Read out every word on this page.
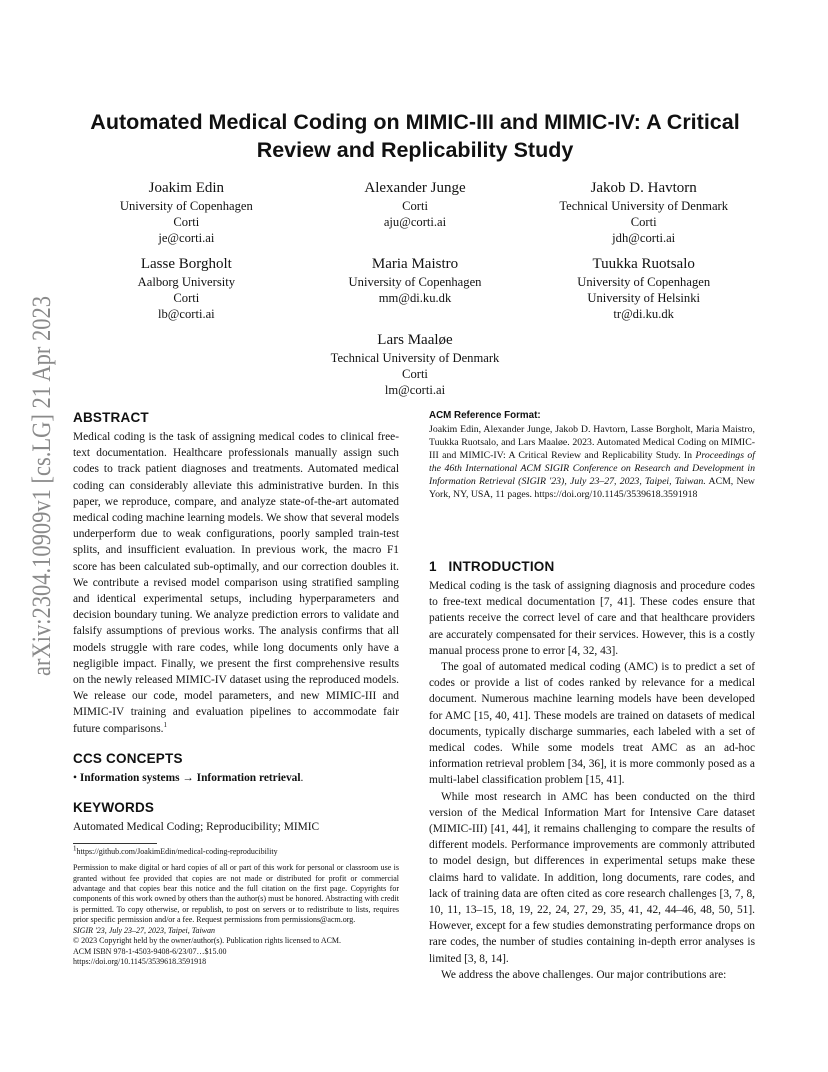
arXiv:2304.10909v1 [cs.LG] 21 Apr 2023
Automated Medical Coding on MIMIC-III and MIMIC-IV: A Critical Review and Replicability Study
Joakim Edin
University of Copenhagen
Corti
je@corti.ai
Alexander Junge
Corti
aju@corti.ai
Jakob D. Havtorn
Technical University of Denmark
Corti
jdh@corti.ai
Lasse Borgholt
Aalborg University
Corti
lb@corti.ai
Maria Maistro
University of Copenhagen
mm@di.ku.dk
Tuukka Ruotsalo
University of Copenhagen
University of Helsinki
tr@di.ku.dk
Lars Maaløe
Technical University of Denmark
Corti
lm@corti.ai
ABSTRACT

Medical coding is the task of assigning medical codes to clinical free-text documentation. Healthcare professionals manually assign such codes to track patient diagnoses and treatments. Automated medical coding can considerably alleviate this administrative burden. In this paper, we reproduce, compare, and analyze state-of-the-art automated medical coding machine learning models. We show that several models underperform due to weak configurations, poorly sampled train-test splits, and insufficient evaluation. In previous work, the macro F1 score has been calculated sub-optimally, and our correction doubles it. We contribute a revised model comparison using stratified sampling and identical experimental setups, including hyperparameters and decision boundary tuning. We analyze prediction errors to validate and falsify assumptions of previous works. The analysis confirms that all models struggle with rare codes, while long documents only have a negligible impact. Finally, we present the first comprehensive results on the newly released MIMIC-IV dataset using the reproduced models. We release our code, model parameters, and new MIMIC-III and MIMIC-IV training and evaluation pipelines to accommodate fair future comparisons.$^1$

CCS CONCEPTS
• Information systems → Information retrieval.
KEYWORDS
Automated Medical Coding; Reproducibility; MIMIC
1https://github.com/JoakimEdin/medical-coding-reproducibility
Permission to make digital or hard copies of all or part of this work for personal or classroom use is granted without fee provided that copies are not made or distributed for profit or commercial advantage and that copies bear this notice and the full citation on the first page. Copyrights for components of this work owned by others than the author(s) must be honored. Abstracting with credit is permitted. To copy otherwise, or republish, to post on servers or to redistribute to lists, requires prior specific permission and/or a fee. Request permissions from permissions@acm.org.
SIGIR '23, July 23–27, 2023, Taipei, Taiwan
© 2023 Copyright held by the owner/author(s). Publication rights licensed to ACM.
ACM ISBN 978-1-4503-9408-6/23/07…$15.00
https://doi.org/10.1145/3539618.3591918
ACM Reference Format:
Joakim Edin, Alexander Junge, Jakob D. Havtorn, Lasse Borgholt, Maria Maistro, Tuukka Ruotsalo, and Lars Maaløe. 2023. Automated Medical Coding on MIMIC-III and MIMIC-IV: A Critical Review and Replicability Study. In Proceedings of the 46th International ACM SIGIR Conference on Research and Development in Information Retrieval (SIGIR '23), July 23–27, 2023, Taipei, Taiwan. ACM, New York, NY, USA, 11 pages. https://doi.org/10.1145/3539618.3591918
1   INTRODUCTION

Medical coding is the task of assigning diagnosis and procedure codes to free-text medical documentation [7, 41]. These codes ensure that patients receive the correct level of care and that healthcare providers are accurately compensated for their services. However, this is a costly manual process prone to error [4, 32, 43].

The goal of automated medical coding (AMC) is to predict a set of codes or provide a list of codes ranked by relevance for a medical document. Numerous machine learning models have been developed for AMC [15, 40, 41]. These models are trained on datasets of medical documents, typically discharge summaries, each labeled with a set of medical codes. While some models treat AMC as an ad-hoc information retrieval problem [34, 36], it is more commonly posed as a multi-label classification problem [15, 41].

While most research in AMC has been conducted on the third version of the Medical Information Mart for Intensive Care dataset (MIMIC-III) [41, 44], it remains challenging to compare the results of different models. Performance improvements are commonly attributed to model design, but differences in experimental setups make these claims hard to validate. In addition, long documents, rare codes, and lack of training data are often cited as core research challenges [3, 7, 8, 10, 11, 13–15, 18, 19, 22, 24, 27, 29, 35, 41, 42, 44–46, 48, 50, 51]. However, except for a few studies demonstrating performance drops on rare codes, the number of studies containing in-depth error analyses is limited [3, 8, 14].

We address the above challenges. Our major contributions are:
